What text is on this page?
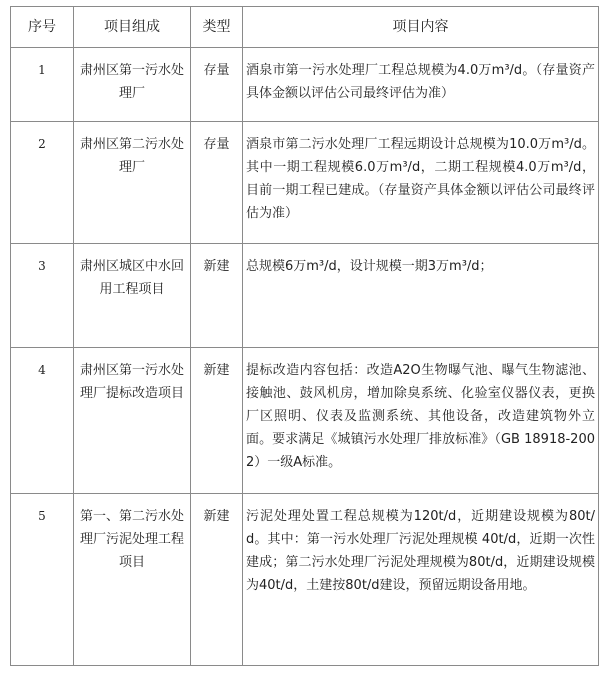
序号	项目组成	类型	项目内容
1	肃州区第一污水处理厂	存量	酒泉市第一污水处理厂工程总规模为4.0万m³/d。（存量资产具体金额以评估公司最终评估为准）
2	肃州区第二污水处理厂	存量	酒泉市第二污水处理厂工程远期设计总规模为10.0万m³/d。其中一期工程规模6.0万m³/d，二期工程规模4.0万m³/d，目前一期工程已建成。（存量资产具体金额以评估公司最终评估为准）
3	肃州区城区中水回用工程项目	新建	总规模6万m³/d，设计规模一期3万m³/d；
4	肃州区第一污水处理厂提标改造项目	新建	提标改造内容包括：改造A2O生物曝气池、曝气生物滤池、接触池、鼓风机房，增加除臭系统、化验室仪器仪表，更换厂区照明、仪表及监测系统、其他设备，改造建筑物外立面。要求满足《城镇污水处理厂排放标准》（GB 18918-2002）一级A标准。
5	第一、第二污水处理厂污泥处理工程项目	新建	污泥处理处置工程总规模为120t/d，近期建设规模为80t/d。其中：第一污水处理厂污泥处理规模 40t/d，近期一次性建成；第二污水处理厂污泥处理规模为80t/d，近期建设规模为40t/d，土建按80t/d建设，预留远期设备用地。
